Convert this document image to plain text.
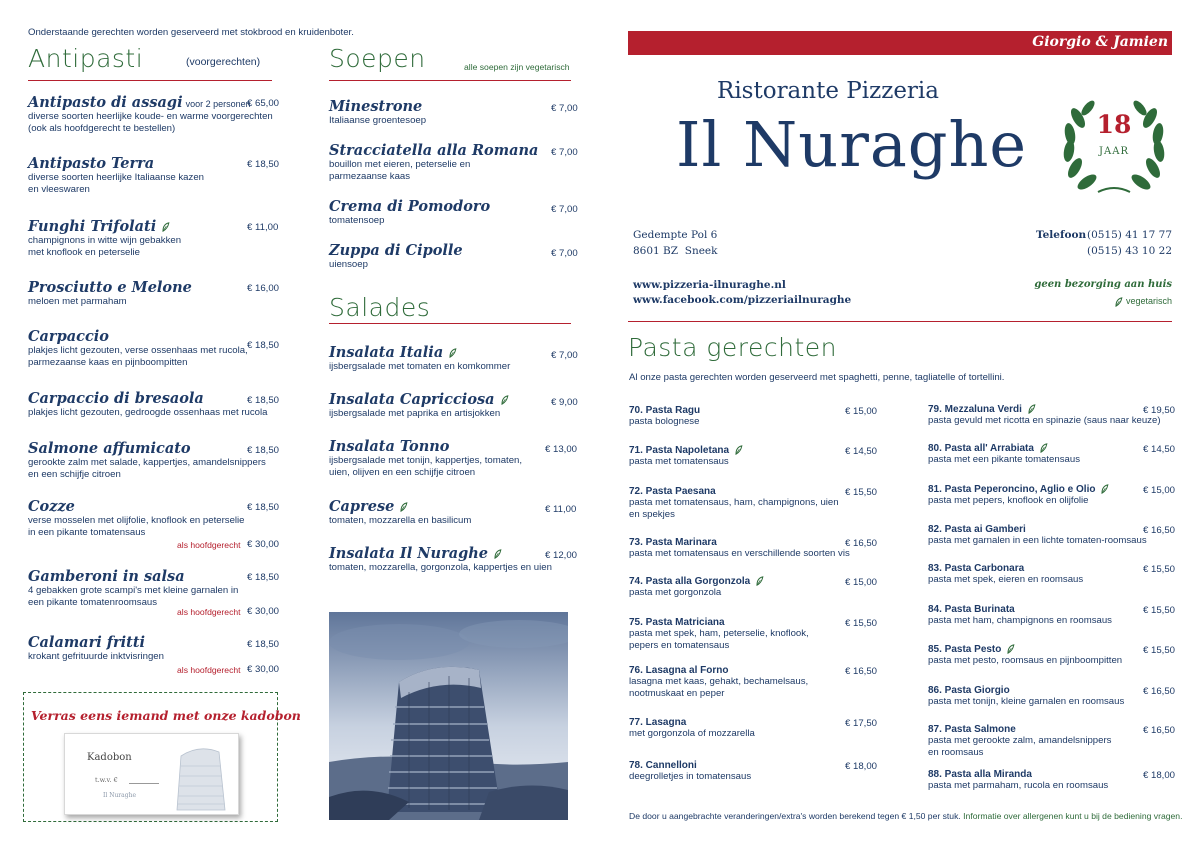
Onderstaande gerechten worden geserveerd met stokbrood en kruidenboter.
Antipasti	(voorgerechten)
Antipasto di assagi voor 2 personen
diverse soorten heerlijke koude- en warme voorgerechten
(ook als hoofdgerecht te bestellen)
€ 65,00
Antipasto Terra
diverse soorten heerlijke Italiaanse kazen
en vleeswaren
€ 18,50
Funghi Trifolati
champignons in witte wijn gebakken
met knoflook en peterselie
€ 11,00
Prosciutto e Melone
meloen met parmaham
€ 16,00
Carpaccio
plakjes licht gezouten, verse ossenhaas met rucola,
parmezaanse kaas en pijnboompitten
€ 18,50
Carpaccio di bresaola
plakjes licht gezouten, gedroogde ossenhaas met rucola
€ 18,50
Salmone affumicato
gerookte zalm met salade, kappertjes, amandelsnippers
en een schijfje citroen
€ 18,50
Cozze
verse mosselen met olijfolie, knoflook en peterselie
in een pikante tomatensaus
€ 18,50
als hoofdgerecht € 30,00
Gamberoni in salsa
4 gebakken grote scampi's met kleine garnalen in
een pikante tomatenroomsaus
€ 18,50
als hoofdgerecht € 30,00
Calamari fritti
krokant gefrituurde inktvisringen
€ 18,50
als hoofdgerecht € 30,00
Verras eens iemand met onze kadobon
Kadobon
t.w.v. €
Il Nuraghe
Soepen	alle soepen zijn vegetarisch
Minestrone
Italiaanse groentesoep
€ 7,00
Stracciatella alla Romana
bouillon met eieren, peterselie en
parmezaanse kaas
€ 7,00
Crema di Pomodoro
tomatensoep
€ 7,00
Zuppa di Cipolle
uiensoep
€ 7,00
Salades
Insalata Italia
ijsbergsalade met tomaten en komkommer
€ 7,00
Insalata Capricciosa
ijsbergsalade met paprika en artisjokken
€ 9,00
Insalata Tonno
ijsbergsalade met tonijn, kappertjes, tomaten,
uien, olijven en een schijfje citroen
€ 13,00
Caprese
tomaten, mozzarella en basilicum
€ 11,00
Insalata Il Nuraghe
tomaten, mozzarella, gorgonzola, kappertjes en uien
€ 12,00
Giorgio & Jamien
Ristorante Pizzeria
Il Nuraghe	18
JAAR
Gedempte Pol 6
8601 BZ  Sneek
Telefoon (0515) 41 17 77
(0515) 43 10 22
www.pizzeria-ilnuraghe.nl
www.facebook.com/pizzeriailnuraghe
geen bezorging aan huis
vegetarisch
Pasta gerechten
Al onze pasta gerechten worden geserveerd met spaghetti, penne, tagliatelle of tortellini.
70. Pasta Ragu
pasta bolognese
€ 15,00
71. Pasta Napoletana
pasta met tomatensaus
€ 14,50
72. Pasta Paesana
pasta met tomatensaus, ham, champignons, uien
en spekjes
€ 15,50
73. Pasta Marinara
pasta met tomatensaus en verschillende soorten vis
€ 16,50
74. Pasta alla Gorgonzola
pasta met gorgonzola
€ 15,00
75. Pasta Matriciana
pasta met spek, ham, peterselie, knoflook,
pepers en tomatensaus
€ 15,50
76. Lasagna al Forno
lasagna met kaas, gehakt, bechamelsaus,
nootmuskaat en peper
€ 16,50
77. Lasagna
met gorgonzola of mozzarella
€ 17,50
78. Cannelloni
deegrolletjes in tomatensaus
€ 18,00
79. Mezzaluna Verdi
pasta gevuld met ricotta en spinazie (saus naar keuze)
€ 19,50
80. Pasta all' Arrabiata
pasta met een pikante tomatensaus
€ 14,50
81. Pasta Peperoncino, Aglio e Olio
pasta met pepers, knoflook en olijfolie
€ 15,00
82. Pasta ai Gamberi
pasta met garnalen in een lichte tomaten-roomsaus
€ 16,50
83. Pasta Carbonara
pasta met spek, eieren en roomsaus
€ 15,50
84. Pasta Burinata
pasta met ham, champignons en roomsaus
€ 15,50
85. Pasta Pesto
pasta met pesto, roomsaus en pijnboompitten
€ 15,50
86. Pasta Giorgio
pasta met tonijn, kleine garnalen en roomsaus
€ 16,50
87. Pasta Salmone
pasta met gerookte zalm, amandelsnippers
en roomsaus
€ 16,50
88. Pasta alla Miranda
pasta met parmaham, rucola en roomsaus
€ 18,00
De door u aangebrachte veranderingen/extra's worden berekend tegen € 1,50 per stuk. Informatie over allergenen kunt u bij de bediening vragen.
